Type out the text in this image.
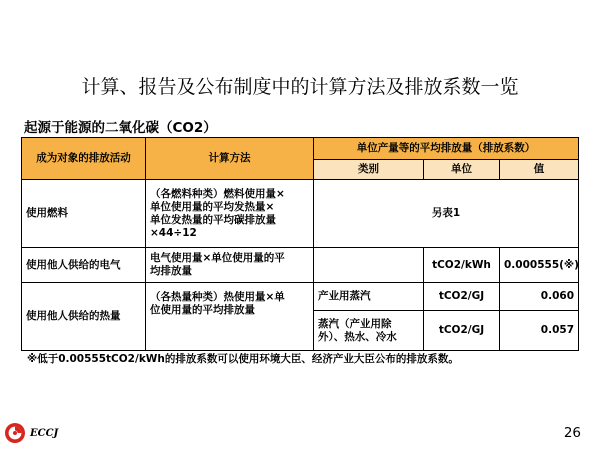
计算、报告及公布制度中的计算方法及排放系数一览
起源于能源的二氧化碳（CO2）
成为对象的排放活动	计算方法	单位产量等的平均排放量（排放系数）		
		类别	单位	值
使用燃料	（各燃料种类）燃料使用量×
单位使用量的平均发热量×
单位发热量的平均碳排放量
×44÷12	另表1		
使用他人供给的电气	电气使用量×单位使用量的平
均排放量		tCO2/kWh	0.000555(※)
使用他人供给的热量	（各热量种类）热使用量×单
位使用量的平均排放量	产业用蒸汽	tCO2/GJ	0.060

		蒸汽（产业用除
外）、热水、冷水	tCO2/GJ	0.057
※低于0.00555tCO2/kWh的排放系数可以使用环境大臣、经济产业大臣公布的排放系数。
ECCJ	26
